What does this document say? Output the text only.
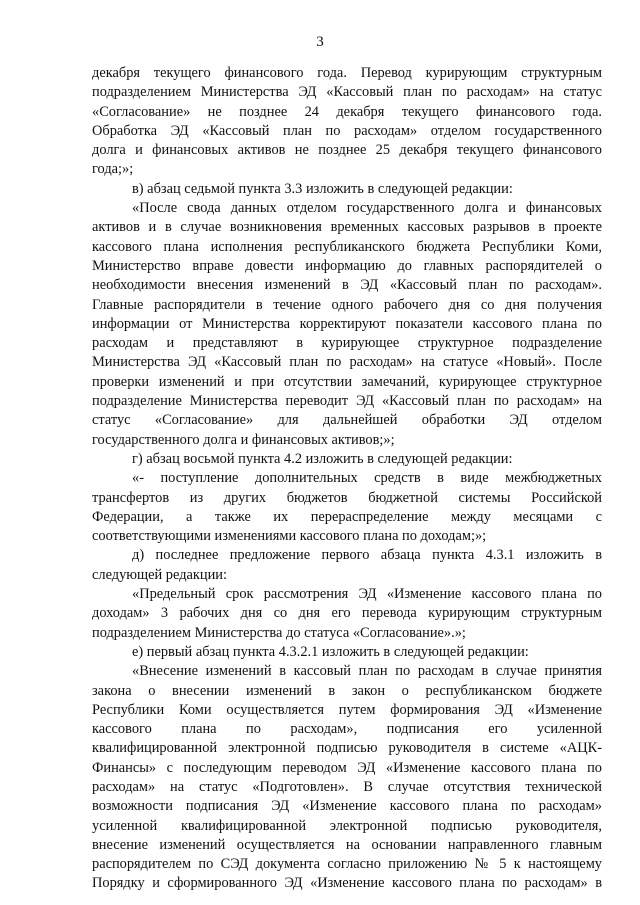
3
декабря текущего финансового года. Перевод курирующим структурным
подразделением Министерства ЭД «Кассовый план по расходам» на статус
«Согласование» не позднее 24 декабря текущего финансового года.
Обработка ЭД «Кассовый план по расходам» отделом государственного
долга и финансовых активов не позднее 25 декабря текущего финансового
года;»;
в) абзац седьмой пункта 3.3 изложить в следующей редакции:
«После свода данных отделом государственного долга и финансовых
активов и в случае возникновения временных кассовых разрывов в проекте
кассового плана исполнения республиканского бюджета Республики Коми,
Министерство вправе довести информацию до главных распорядителей о
необходимости внесения изменений в ЭД «Кассовый план по расходам».
Главные распорядители в течение одного рабочего дня со дня получения
информации от Министерства корректируют показатели кассового плана по
расходам и представляют в курирующее структурное подразделение
Министерства ЭД «Кассовый план по расходам» на статусе «Новый». После
проверки изменений и при отсутствии замечаний, курирующее структурное
подразделение Министерства переводит ЭД «Кассовый план по расходам» на
статус «Согласование» для дальнейшей обработки ЭД отделом
государственного долга и финансовых активов;»;
г) абзац восьмой пункта 4.2 изложить в следующей редакции:
«- поступление дополнительных средств в виде межбюджетных
трансфертов из других бюджетов бюджетной системы Российской
Федерации, а также их перераспределение между месяцами с
соответствующими изменениями кассового плана по доходам;»;
д) последнее предложение первого абзаца пункта 4.3.1 изложить в
следующей редакции:
«Предельный срок рассмотрения ЭД «Изменение кассового плана по
доходам» 3 рабочих дня со дня его перевода курирующим структурным
подразделением Министерства до статуса «Согласование».»;
е) первый абзац пункта 4.3.2.1 изложить в следующей редакции:
«Внесение изменений в кассовый план по расходам в случае принятия
закона о внесении изменений в закон о республиканском бюджете
Республики Коми осуществляется путем формирования ЭД «Изменение
кассового плана по расходам», подписания его усиленной
квалифицированной электронной подписью руководителя в системе «АЦК-
Финансы» с последующим переводом ЭД «Изменение кассового плана по
расходам» на статус «Подготовлен». В случае отсутствия технической
возможности подписания ЭД «Изменение кассового плана по расходам»
усиленной квалифицированной электронной подписью руководителя,
внесение изменений осуществляется на основании направленного главным
распорядителем по СЭД документа согласно приложению № 5 к настоящему
Порядку и сформированного ЭД «Изменение кассового плана по расходам» в
